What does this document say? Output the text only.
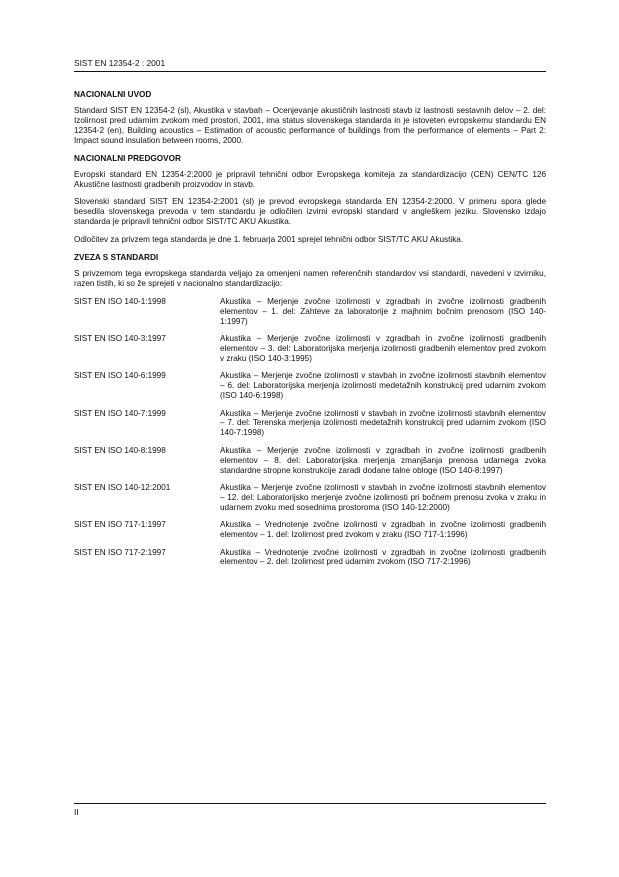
SIST EN 12354-2 : 2001
NACIONALNI UVOD

Standard SIST EN 12354-2 (sl), Akustika v stavbah – Ocenjevanje akustičnih lastnosti stavb iz lastnosti sestavnih delov – 2. del: Izolirnost pred udarnim zvokom med prostori, 2001, ima status slovenskega standarda in je istoveten evropskemu standardu EN 12354-2 (en), Building acoustics – Estimation of acoustic performance of buildings from the performance of elements – Part 2: Impact sound insulation between rooms, 2000.

NACIONALNI PREDGOVOR

Evropski standard EN 12354-2:2000 je pripravil tehnični odbor Evropskega komiteja za standardizacijo (CEN) CEN/TC 126 Akustične lastnosti gradbenih proizvodov in stavb.

Slovenski standard SIST EN 12354-2:2001 (sl) je prevod evropskega standarda EN 12354-2:2000. V primeru spora glede besedila slovenskega prevoda v tem standardu je odločilen izvirni evropski standard v angleškem jeziku. Slovensko izdajo standarda je pripravil tehnični odbor SIST/TC AKU Akustika.

Odločitev za privzem tega standarda je dne 1. februarja 2001 sprejel tehnični odbor SIST/TC AKU Akustika.

ZVEZA S STANDARDI

S privzemom tega evropskega standarda veljajo za omenjeni namen referenčnih standardov vsi standardi, navedeni v izvirniku, razen tistih, ki so že sprejeti v nacionalno standardizacijo:

SIST EN ISO 140-1:1998	Akustika – Merjenje zvočne izolirnosti v zgradbah in zvočne izolirnosti gradbenih elementov – 1. del: Zahteve za laboratorije z majhnim bočnim prenosom (ISO 140-1:1997)
SIST EN ISO 140-3:1997	Akustika – Merjenje zvočne izolirnosti v zgradbah in zvočne izolirnosti gradbenih elementov – 3. del: Laboratorijska merjenja izolirnosti gradbenih elementov pred zvokom v zraku (ISO 140-3:1995)
SIST EN ISO 140-6:1999	Akustika – Merjenje zvočne izolirnosti v stavbah in zvočne izolirnosti stavbnih elementov – 6. del: Laboratorijska merjenja izolirnosti medetažnih konstrukcij pred udarnim zvokom (ISO 140-6:1998)
SIST EN ISO 140-7:1999	Akustika – Merjenje zvočne izolirnosti v stavbah in zvočne izolirnosti stavbnih elementov – 7. del: Terenska merjenja izolirnosti medetažnih konstrukcij pred udarnim zvokom (ISO 140-7:1998)
SIST EN ISO 140-8:1998	Akustika – Merjenje zvočne izolirnosti v zgradbah in zvočne izolirnosti gradbenih elementov – 8. del: Laboratorijska merjenja zmanjšanja prenosa udarnega zvoka standardne stropne konstrukcije zaradi dodane talne obloge (ISO 140-8:1997)
SIST EN ISO 140-12:2001	Akustika – Merjenje zvočne izolirnosti v stavbah in zvočne izolirnosti stavbnih elementov – 12. del: Laboratorijsko merjenje zvočne izolirnosti pri bočnem prenosu zvoka v zraku in udarnem zvoku med sosednima prostoroma (ISO 140-12:2000)
SIST EN ISO 717-1:1997	Akustika – Vrednotenje zvočne izolirnosti v zgradbah in zvočne izolirnosti gradbenih elementov – 1. del: Izolirnost pred zvokom v zraku (ISO 717-1:1996)
SIST EN ISO 717-2:1997	Akustika – Vrednotenje zvočne izolirnosti v zgradbah in zvočne izolirnosti gradbenih elementov – 2. del: Izolirnost pred udarnim zvokom (ISO 717-2:1996)
II
